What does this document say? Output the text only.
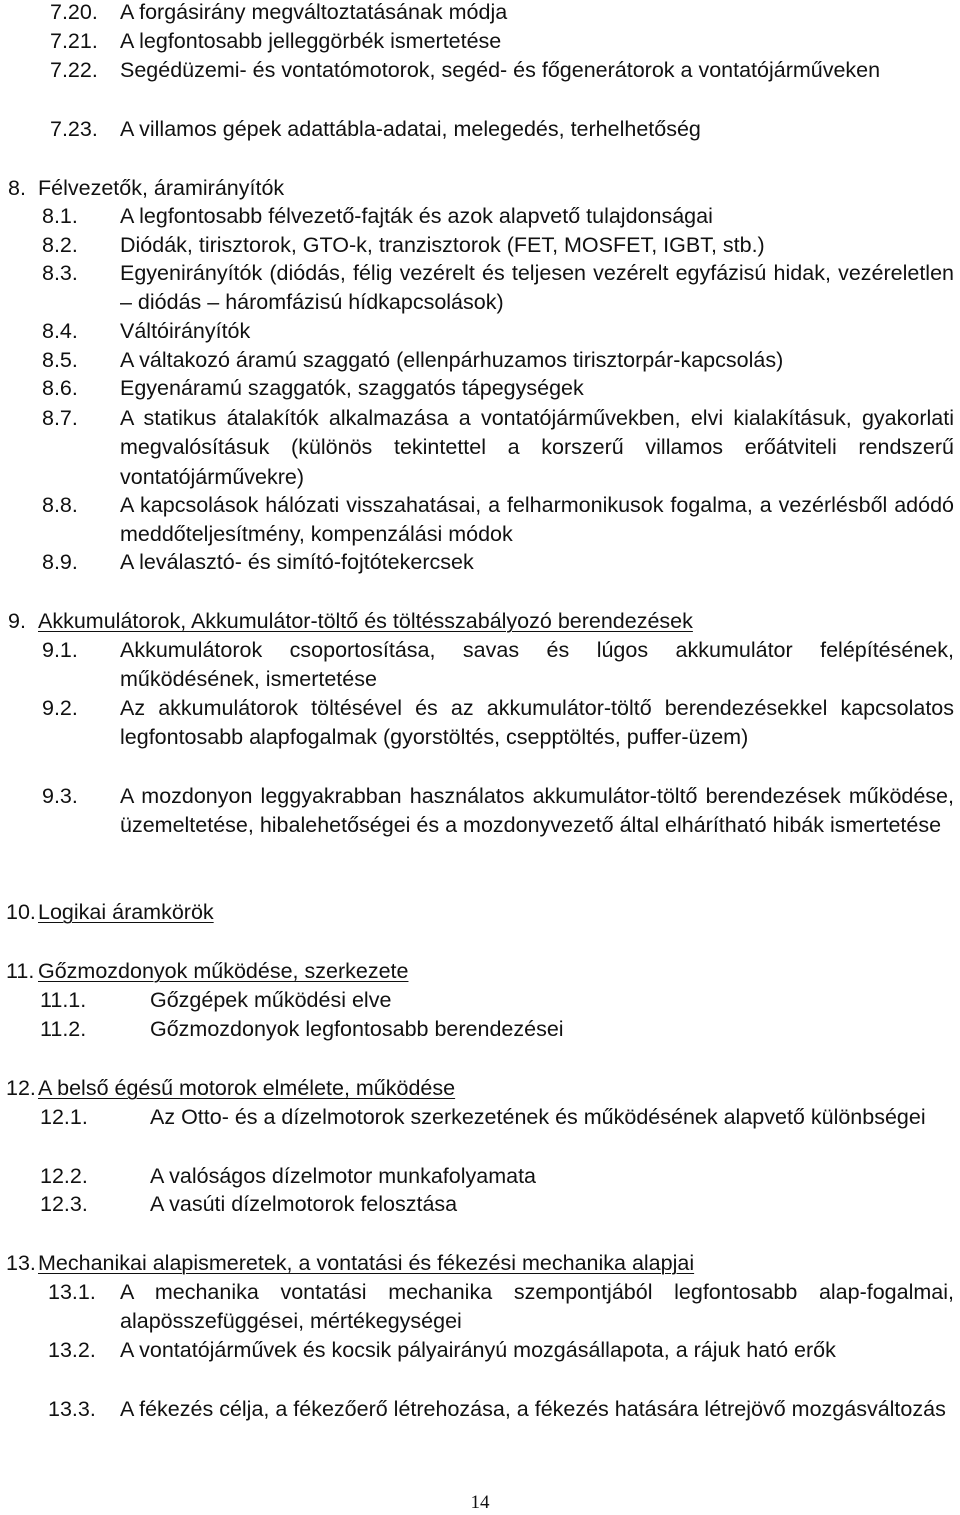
7.20. A forgásirány megváltoztatásának módja
7.21. A legfontosabb jelleggörbék ismertetése
7.22. Segédüzemi- és vontatómotorok, segéd- és főgenerátorok a vontatójárműveken
7.23. A villamos gépek adattábla-adatai, melegedés, terhelhetőség
8. Félvezetők, áramirányítók
8.1. A legfontosabb félvezető-fajták és azok alapvető tulajdonságai
8.2. Diódák, tirisztorok, GTO-k, tranzisztorok (FET, MOSFET, IGBT, stb.)
8.3. Egyenirányítók (diódás, félig vezérelt és teljesen vezérelt egyfázisú hidak, vezéreletlen – diódás – háromfázisú hídkapcsolások)
8.4. Váltóirányítók
8.5. A váltakozó áramú szaggató (ellenpárhuzamos tirisztorpár-kapcsolás)
8.6. Egyenáramú szaggatók, szaggatós tápegységek
8.7. A statikus átalakítók alkalmazása a vontatójárművekben, elvi kialakításuk, gyakorlati megvalósításuk (különös tekintettel a korszerű villamos erőátviteli rendszerű vontatójárművekre)
8.8. A kapcsolások hálózati visszahatásai, a felharmonikusok fogalma, a vezérlésből adódó meddőteljesítmény, kompenzálási módok
8.9. A leválasztó- és simító-fojtótekercsek
9. Akkumulátorok, Akkumulátor-töltő és töltésszabályozó berendezések
9.1. Akkumulátorok csoportosítása, savas és lúgos akkumulátor felépítésének, működésének, ismertetése
9.2. Az akkumulátorok töltésével és az akkumulátor-töltő berendezésekkel kapcsolatos legfontosabb alapfogalmak (gyorstöltés, csepptöltés, puffer-üzem)
9.3. A mozdonyon leggyakrabban használatos akkumulátor-töltő berendezések működése, üzemeltetése, hibalehetőségei és a mozdonyvezető által elhárítható hibák ismertetése
10. Logikai áramkörök
11. Gőzmozdonyok működése, szerkezete
11.1.	Gőzgépek működési elve
11.2.	Gőzmozdonyok legfontosabb berendezései
12. A belső égésű motorok elmélete, működése
12.1.	Az Otto- és a dízelmotorok szerkezetének és működésének alapvető különbségei
12.2.	A valóságos dízelmotor munkafolyamata
12.3.	A vasúti dízelmotorok felosztása
13. Mechanikai alapismeretek, a vontatási és fékezési mechanika alapjai
13.1. A mechanika vontatási mechanika szempontjából legfontosabb alap-fogalmai, alapösszefüggései, mértékegységei
13.2. A vontatójárművek és kocsik pályairányú mozgásállapota, a rájuk ható erők
13.3. A fékezés célja, a fékezőerő létrehozása, a fékezés hatására létrejövő mozgásváltozás
14
